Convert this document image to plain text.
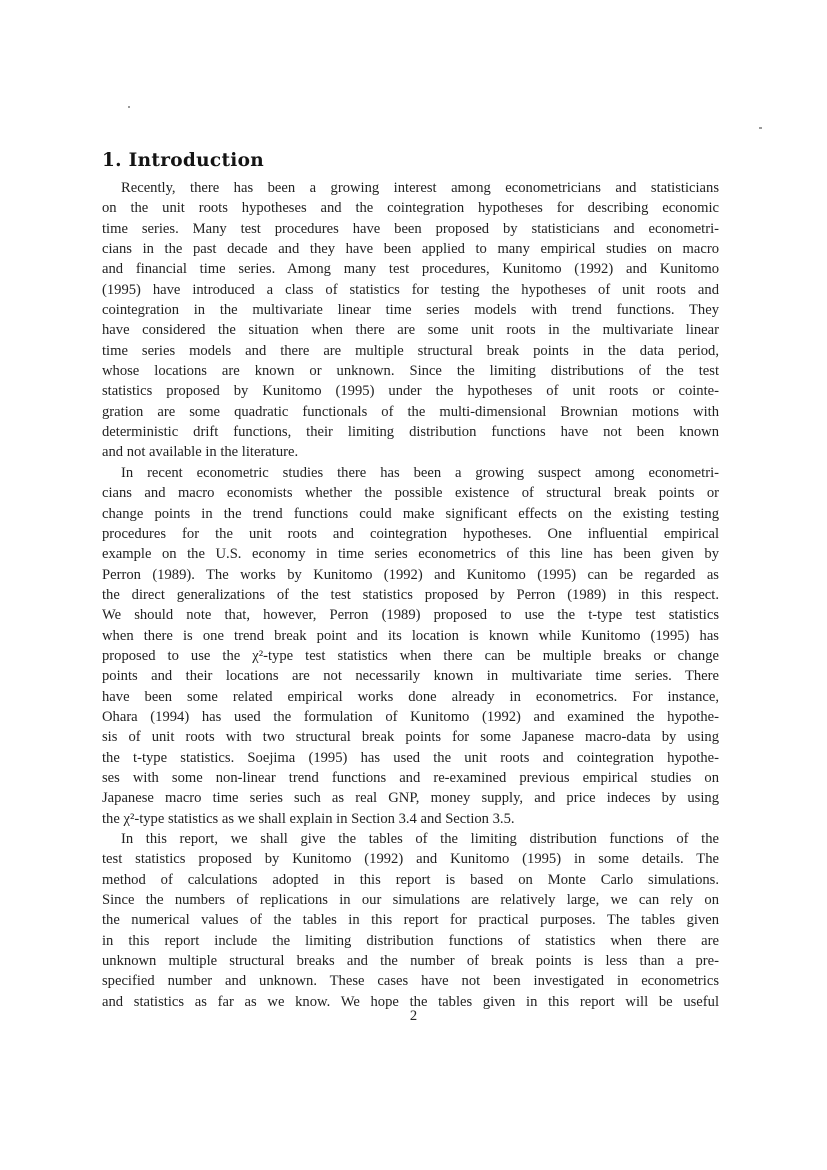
1. Introduction
Recently, there has been a growing interest among econometricians and statisticians
on the unit roots hypotheses and the cointegration hypotheses for describing economic
time series. Many test procedures have been proposed by statisticians and econometri-
cians in the past decade and they have been applied to many empirical studies on macro
and financial time series. Among many test procedures, Kunitomo (1992) and Kunitomo
(1995) have introduced a class of statistics for testing the hypotheses of unit roots and
cointegration in the multivariate linear time series models with trend functions. They
have considered the situation when there are some unit roots in the multivariate linear
time series models and there are multiple structural break points in the data period,
whose locations are known or unknown. Since the limiting distributions of the test
statistics proposed by Kunitomo (1995) under the hypotheses of unit roots or cointe-
gration are some quadratic functionals of the multi-dimensional Brownian motions with
deterministic drift functions, their limiting distribution functions have not been known
and not available in the literature.
In recent econometric studies there has been a growing suspect among econometri-
cians and macro economists whether the possible existence of structural break points or
change points in the trend functions could make significant effects on the existing testing
procedures for the unit roots and cointegration hypotheses. One influential empirical
example on the U.S. economy in time series econometrics of this line has been given by
Perron (1989). The works by Kunitomo (1992) and Kunitomo (1995) can be regarded as
the direct generalizations of the test statistics proposed by Perron (1989) in this respect.
We should note that, however, Perron (1989) proposed to use the t-type test statistics
when there is one trend break point and its location is known while Kunitomo (1995) has
proposed to use the χ²-type test statistics when there can be multiple breaks or change
points and their locations are not necessarily known in multivariate time series. There
have been some related empirical works done already in econometrics. For instance,
Ohara (1994) has used the formulation of Kunitomo (1992) and examined the hypothe-
sis of unit roots with two structural break points for some Japanese macro-data by using
the t-type statistics. Soejima (1995) has used the unit roots and cointegration hypothe-
ses with some non-linear trend functions and re-examined previous empirical studies on
Japanese macro time series such as real GNP, money supply, and price indeces by using
the χ²-type statistics as we shall explain in Section 3.4 and Section 3.5.
In this report, we shall give the tables of the limiting distribution functions of the
test statistics proposed by Kunitomo (1992) and Kunitomo (1995) in some details. The
method of calculations adopted in this report is based on Monte Carlo simulations.
Since the numbers of replications in our simulations are relatively large, we can rely on
the numerical values of the tables in this report for practical purposes. The tables given
in this report include the limiting distribution functions of statistics when there are
unknown multiple structural breaks and the number of break points is less than a pre-
specified number and unknown. These cases have not been investigated in econometrics
and statistics as far as we know. We hope the tables given in this report will be useful
2
